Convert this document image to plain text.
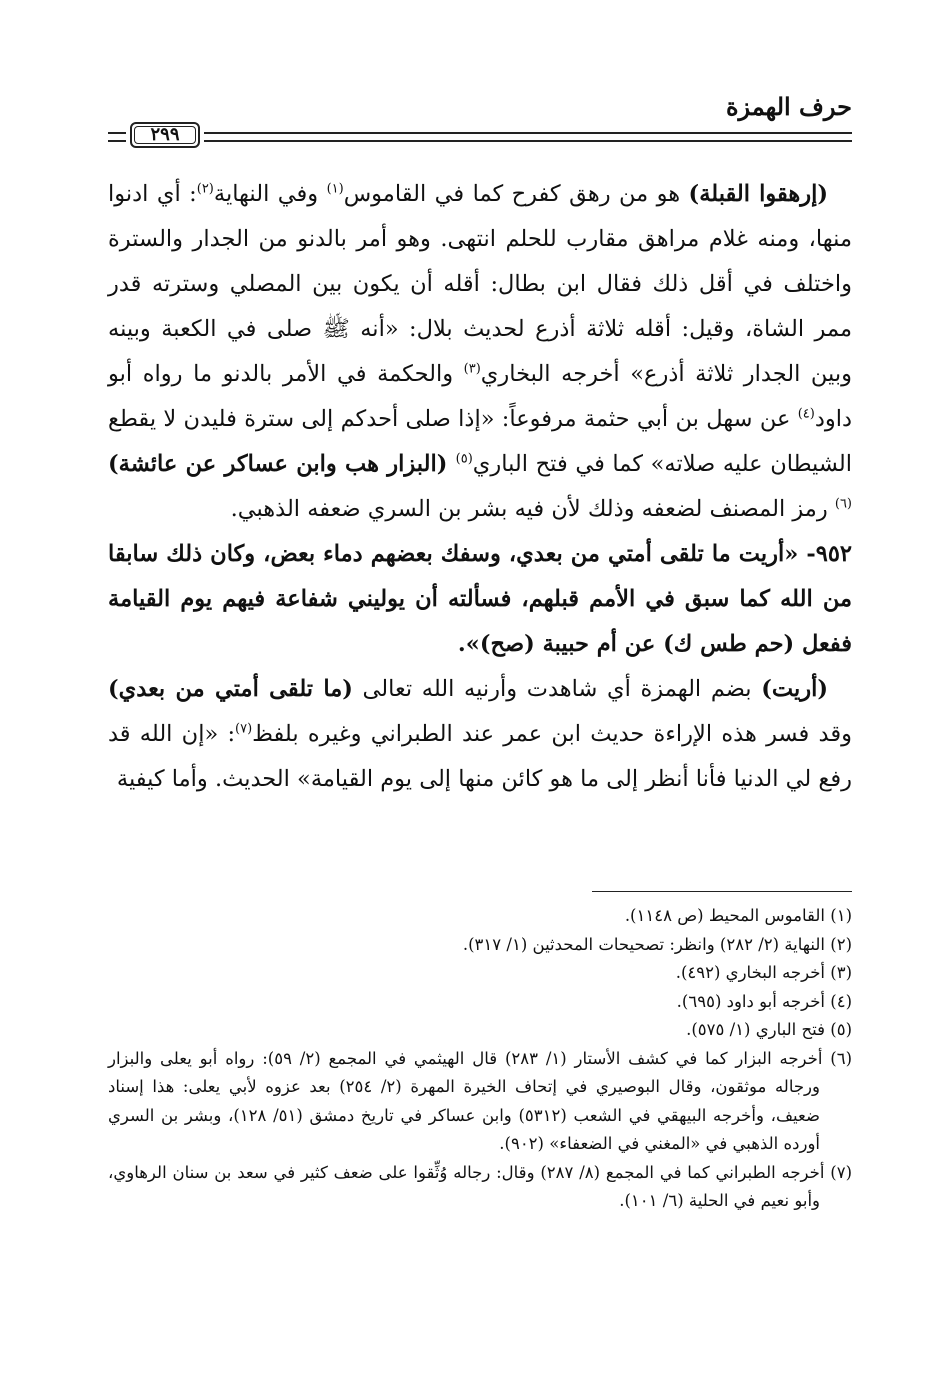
حرف الهمزة
٢٩٩

(إرهقوا القبلة) هو من رهق كفرح كما في القاموس$^{(١)}$ وفي النهاية$^{(٢)}$: أي ادنوا منها، ومنه غلام مراهق مقارب للحلم انتهى. وهو أمر بالدنو من الجدار والسترة واختلف في أقل ذلك فقال ابن بطال: أقله أن يكون بين المصلي وسترته قدر ممر الشاة، وقيل: أقله ثلاثة أذرع لحديث بلال: «أنه ﷺ صلى في الكعبة وبينه وبين الجدار ثلاثة أذرع» أخرجه البخاري$^{(٣)}$ والحكمة في الأمر بالدنو ما رواه أبو داود$^{(٤)}$ عن سهل بن أبي حثمة مرفوعاً: «إذا صلى أحدكم إلى سترة فليدن لا يقطع الشيطان عليه صلاته» كما في فتح الباري$^{(٥)}$ (البزار هب وابن عساكر عن عائشة)$^{(٦)}$ رمز المصنف لضعفه وذلك لأن فيه بشر بن السري ضعفه الذهبي.

٩٥٢- «أريت ما تلقى أمتي من بعدي، وسفك بعضهم دماء بعض، وكان ذلك سابقا من الله كما سبق في الأمم قبلهم، فسألته أن يوليني شفاعة فيهم يوم القيامة ففعل (حم طس ك) عن أم حبيبة (صح)».

(أريت) بضم الهمزة أي شاهدت وأرنيه الله تعالى (ما تلقى أمتي من بعدي) وقد فسر هذه الإراءة حديث ابن عمر عند الطبراني وغيره بلفظ$^{(٧)}$: «إن الله قد رفع لي الدنيا فأنا أنظر إلى ما هو كائن منها إلى يوم القيامة» الحديث. وأما كيفية

(١) القاموس المحيط (ص ١١٤٨).

(٢) النهاية (٢/ ٢٨٢) وانظر: تصحيحات المحدثين (١/ ٣١٧).

(٣) أخرجه البخاري (٤٩٢).

(٤) أخرجه أبو داود (٦٩٥).

(٥) فتح الباري (١/ ٥٧٥).

(٦) أخرجه البزار كما في كشف الأستار (١/ ٢٨٣) قال الهيثمي في المجمع (٢/ ٥٩): رواه أبو يعلى والبزار ورجاله موثقون، وقال البوصيري في إتحاف الخيرة المهرة (٢/ ٢٥٤) بعد عزوه لأبي يعلى: هذا إسناد ضعيف، وأخرجه البيهقي في الشعب (٥٣١٢) وابن عساكر في تاريخ دمشق (٥١/ ١٢٨)، وبشر بن السري أورده الذهبي في «المغني في الضعفاء» (٩٠٢).

(٧) أخرجه الطبراني كما في المجمع (٨/ ٢٨٧) وقال: رجاله وُثِّقوا على ضعف كثير في سعد بن سنان الرهاوي، وأبو نعيم في الحلية (٦/ ١٠١).
